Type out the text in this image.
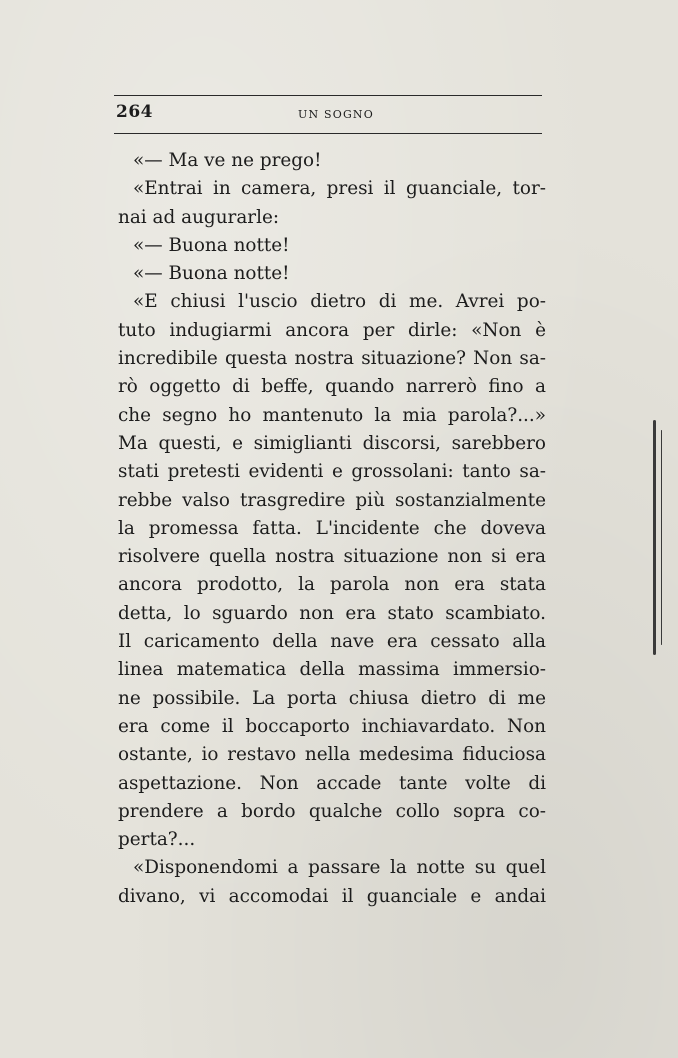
264	UN SOGNO
«— Ma ve ne prego!
«Entrai in camera, presi il guanciale, tor-
nai ad augurarle:
«— Buona notte!
«— Buona notte!
«E chiusi l'uscio dietro di me. Avrei po-
tuto indugiarmi ancora per dirle: «Non è
incredibile questa nostra situazione? Non sa-
rò oggetto di beffe, quando narrerò fino a
che segno ho mantenuto la mia parola?...»
Ma questi, e simiglianti discorsi, sarebbero
stati pretesti evidenti e grossolani: tanto sa-
rebbe valso trasgredire più sostanzialmente
la promessa fatta. L'incidente che doveva
risolvere quella nostra situazione non si era
ancora prodotto, la parola non era stata
detta, lo sguardo non era stato scambiato.
Il caricamento della nave era cessato alla
linea matematica della massima immersio-
ne possibile. La porta chiusa dietro di me
era come il boccaporto inchiavardato. Non
ostante, io restavo nella medesima fiduciosa
aspettazione. Non accade tante volte di
prendere a bordo qualche collo sopra co-
perta?...
«Disponendomi a passare la notte su quel
divano, vi accomodai il guanciale e andai
